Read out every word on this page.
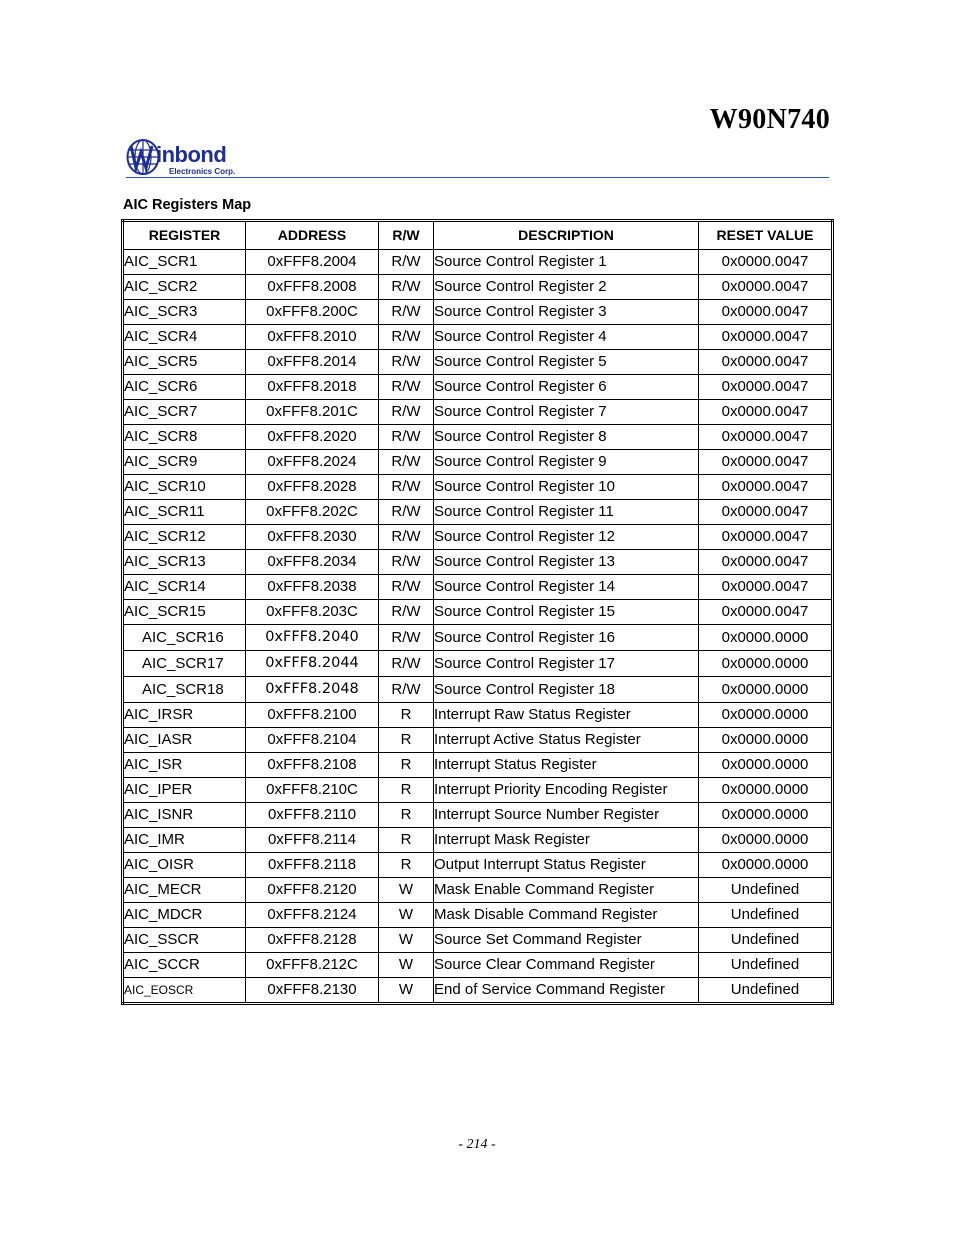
W90N740
inbond
Electronics Corp.
AIC Registers Map
REGISTER	ADDRESS	R/W	DESCRIPTION	RESET VALUE
AIC_SCR1	0xFFF8.2004	R/W	Source Control Register 1	0x0000.0047
AIC_SCR2	0xFFF8.2008	R/W	Source Control Register 2	0x0000.0047
AIC_SCR3	0xFFF8.200C	R/W	Source Control Register 3	0x0000.0047
AIC_SCR4	0xFFF8.2010	R/W	Source Control Register 4	0x0000.0047
AIC_SCR5	0xFFF8.2014	R/W	Source Control Register 5	0x0000.0047
AIC_SCR6	0xFFF8.2018	R/W	Source Control Register 6	0x0000.0047
AIC_SCR7	0xFFF8.201C	R/W	Source Control Register 7	0x0000.0047
AIC_SCR8	0xFFF8.2020	R/W	Source Control Register 8	0x0000.0047
AIC_SCR9	0xFFF8.2024	R/W	Source Control Register 9	0x0000.0047
AIC_SCR10	0xFFF8.2028	R/W	Source Control Register 10	0x0000.0047
AIC_SCR11	0xFFF8.202C	R/W	Source Control Register 11	0x0000.0047
AIC_SCR12	0xFFF8.2030	R/W	Source Control Register 12	0x0000.0047
AIC_SCR13	0xFFF8.2034	R/W	Source Control Register 13	0x0000.0047
AIC_SCR14	0xFFF8.2038	R/W	Source Control Register 14	0x0000.0047
AIC_SCR15	0xFFF8.203C	R/W	Source Control Register 15	0x0000.0047
AIC_SCR16	0xFFF8.2040	R/W	Source Control Register 16	0x0000.0000
AIC_SCR17	0xFFF8.2044	R/W	Source Control Register 17	0x0000.0000
AIC_SCR18	0xFFF8.2048	R/W	Source Control Register 18	0x0000.0000
AIC_IRSR	0xFFF8.2100	R	Interrupt Raw Status Register	0x0000.0000
AIC_IASR	0xFFF8.2104	R	Interrupt Active Status Register	0x0000.0000
AIC_ISR	0xFFF8.2108	R	Interrupt Status Register	0x0000.0000
AIC_IPER	0xFFF8.210C	R	Interrupt Priority Encoding Register	0x0000.0000
AIC_ISNR	0xFFF8.2110	R	Interrupt Source Number Register	0x0000.0000
AIC_IMR	0xFFF8.2114	R	Interrupt Mask Register	0x0000.0000
AIC_OISR	0xFFF8.2118	R	Output Interrupt Status Register	0x0000.0000
AIC_MECR	0xFFF8.2120	W	Mask Enable Command Register	Undefined
AIC_MDCR	0xFFF8.2124	W	Mask Disable Command Register	Undefined
AIC_SSCR	0xFFF8.2128	W	Source Set Command Register	Undefined
AIC_SCCR	0xFFF8.212C	W	Source Clear Command Register	Undefined
AIC_EOSCR	0xFFF8.2130	W	End of Service Command Register	Undefined
- 214 -
